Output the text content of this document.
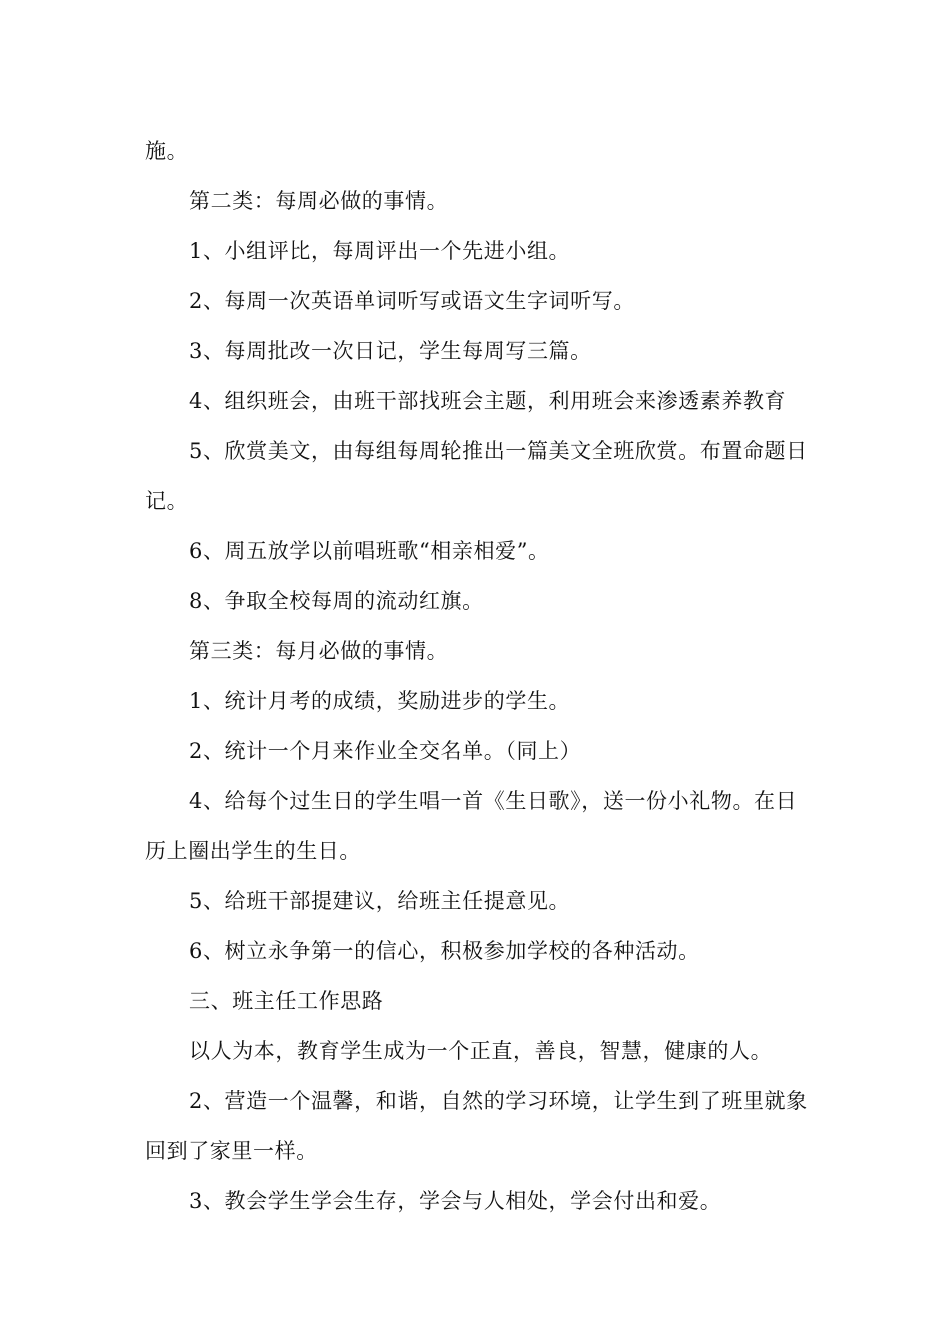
施。

第二类：每周必做的事情。

1、小组评比，每周评出一个先进小组。

2、每周一次英语单词听写或语文生字词听写。

3、每周批改一次日记，学生每周写三篇。

4、组织班会，由班干部找班会主题，利用班会来渗透素养教育

5、欣赏美文，由每组每周轮推出一篇美文全班欣赏。布置命题日记。

6、周五放学以前唱班歌“相亲相爱”。

8、争取全校每周的流动红旗。

第三类：每月必做的事情。

1、统计月考的成绩，奖励进步的学生。

2、统计一个月来作业全交名单。（同上）

4、给每个过生日的学生唱一首《生日歌》，送一份小礼物。在日历上圈出学生的生日。

5、给班干部提建议，给班主任提意见。

6、树立永争第一的信心，积极参加学校的各种活动。

三、班主任工作思路

以人为本，教育学生成为一个正直，善良，智慧，健康的人。

2、营造一个温馨，和谐，自然的学习环境，让学生到了班里就象回到了家里一样。

3、教会学生学会生存，学会与人相处，学会付出和爱。
